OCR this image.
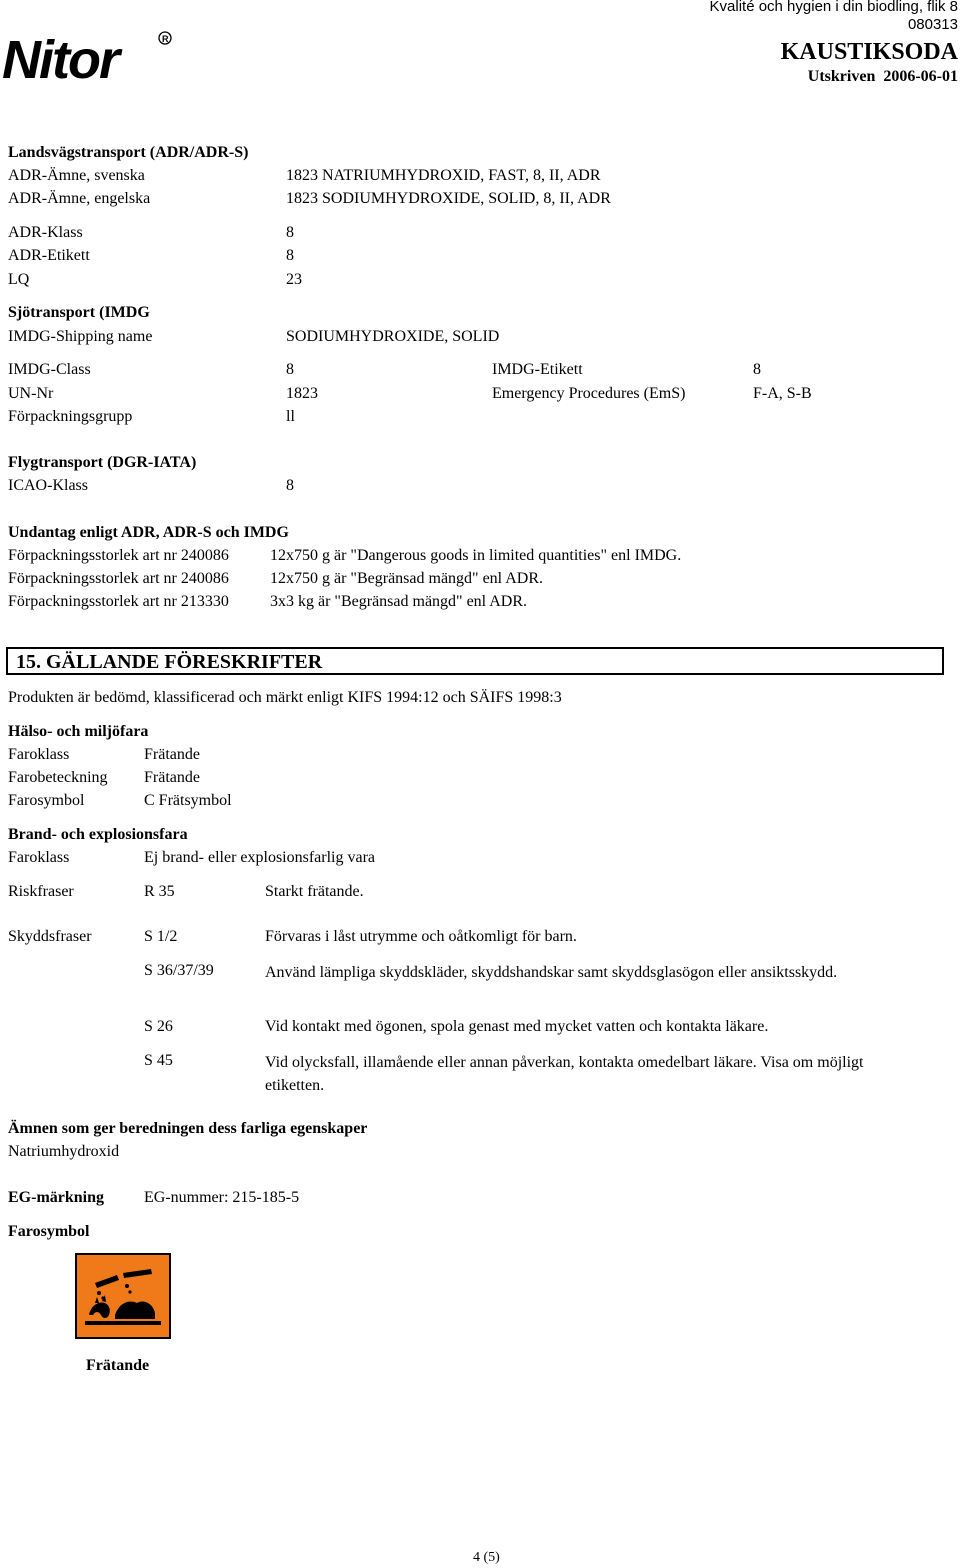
Nitor	R
Kvalité och hygien i din biodling, flik 8
080313
KAUSTIKSODA
Utskriven 2006-06-01
Landsvägstransport (ADR/ADR-S)
ADR-Ämne, svenska	1823 NATRIUMHYDROXID, FAST, 8, II, ADR
ADR-Ämne, engelska	1823 SODIUMHYDROXIDE, SOLID, 8, II, ADR
ADR-Klass	8
ADR-Etikett	8
LQ	23
Sjötransport (IMDG
IMDG-Shipping name	SODIUMHYDROXIDE, SOLID
IMDG-Class	8	IMDG-Etikett	8
UN-Nr	1823	Emergency Procedures (EmS)	F-A, S-B
Förpackningsgrupp	ll
Flygtransport (DGR-IATA)
ICAO-Klass	8
Undantag enligt ADR, ADR-S och IMDG
Förpackningsstorlek art nr 240086	12x750 g är "Dangerous goods in limited quantities" enl IMDG.
Förpackningsstorlek art nr 240086	12x750 g är "Begränsad mängd" enl ADR.
Förpackningsstorlek art nr 213330	3x3 kg är "Begränsad mängd" enl ADR.
15. GÄLLANDE FÖRESKRIFTER
Produkten är bedömd, klassificerad och märkt enligt KIFS 1994:12 och SÄIFS 1998:3
Hälso- och miljöfara
Faroklass	Frätande
Farobeteckning Frätande
Farosymbol	C Frätsymbol
Brand- och explosionsfara
Faroklass	Ej brand- eller explosionsfarlig vara
Riskfraser	R 35	Starkt frätande.
Skyddsfraser	S 1/2	Förvaras i låst utrymme och oåtkomligt för barn.
S 36/37/39	Använd lämpliga skyddskläder, skyddshandskar samt skyddsglasögon eller ansiktsskydd.
S 26	Vid kontakt med ögonen, spola genast med mycket vatten och kontakta läkare.
S 45	Vid olycksfall, illamående eller annan påverkan, kontakta omedelbart läkare. Visa om möjligt etiketten.
Ämnen som ger beredningen dess farliga egenskaper
Natriumhydroxid
EG-märkning EG-nummer: 215-185-5
Farosymbol
Frätande
4 (5)
